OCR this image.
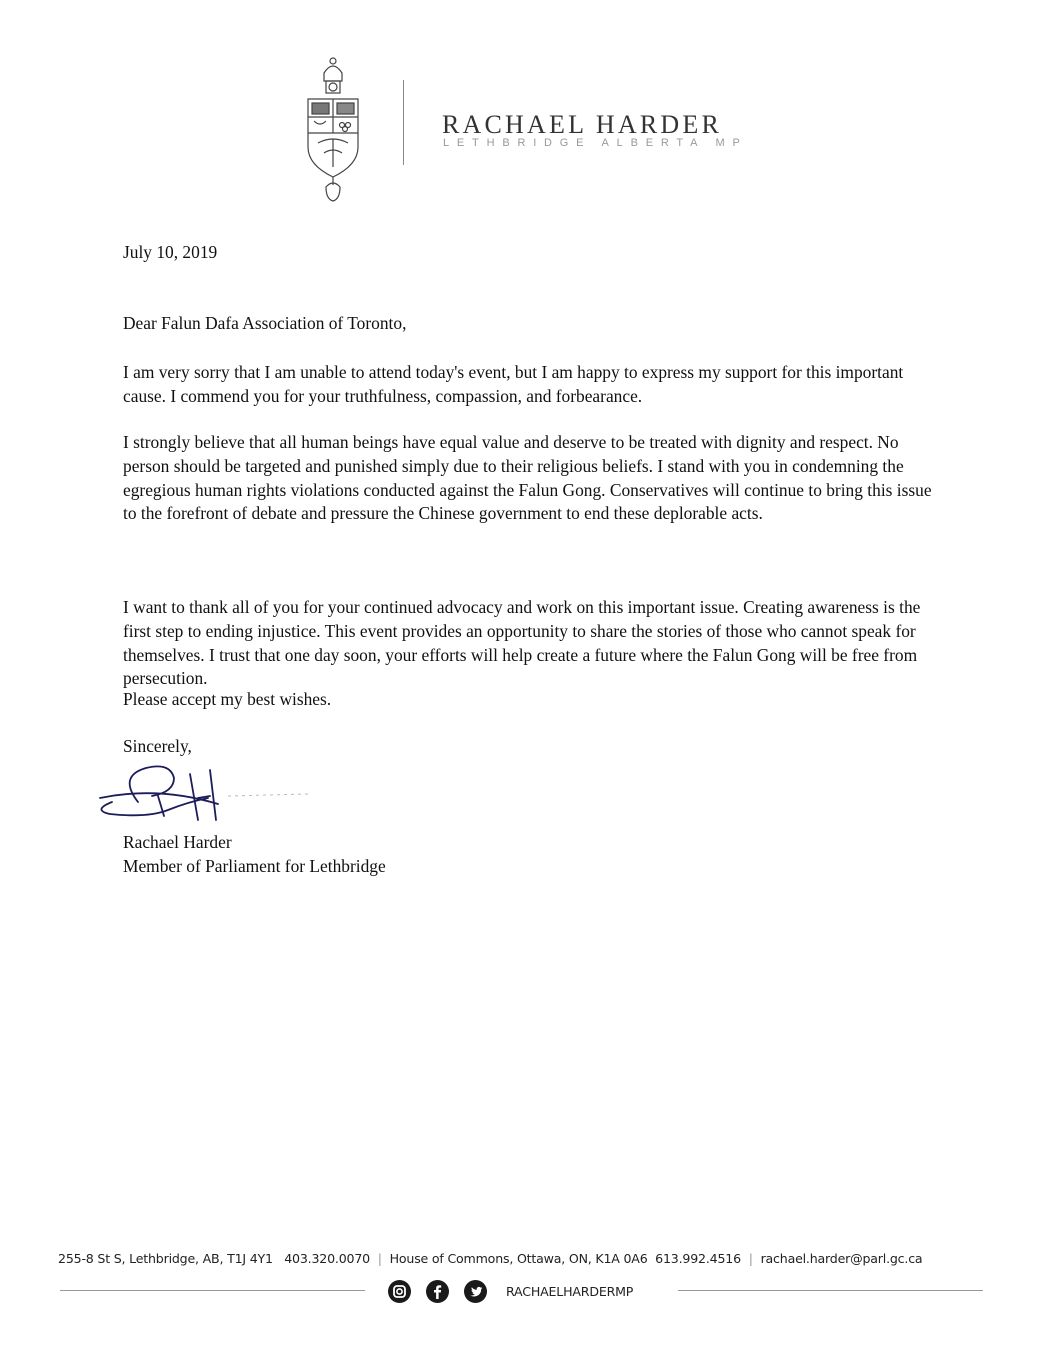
RACHAEL HARDER
LETHBRIDGE ALBERTA MP
July 10, 2019
Dear Falun Dafa Association of Toronto,

I am very sorry that I am unable to attend today's event, but I am happy to express my support for this important cause. I commend you for your truthfulness, compassion, and forbearance.

I strongly believe that all human beings have equal value and deserve to be treated with dignity and respect. No person should be targeted and punished simply due to their religious beliefs. I stand with you in condemning the egregious human rights violations conducted against the Falun Gong. Conservatives will continue to bring this issue to the forefront of debate and pressure the Chinese government to end these deplorable acts.

I want to thank all of you for your continued advocacy and work on this important issue. Creating awareness is the first step to ending injustice. This event provides an opportunity to share the stories of those who cannot speak for themselves. I trust that one day soon, your efforts will help create a future where the Falun Gong will be free from persecution.

Please accept my best wishes.
Sincerely,
Rachael Harder
Member of Parliament for Lethbridge
255-8 St S, Lethbridge, AB, T1J 4Y1 403.320.0070 | House of Commons, Ottawa, ON, K1A 0A6 613.992.4516 | rachael.harder@parl.gc.ca
RACHAELHARDERMP
